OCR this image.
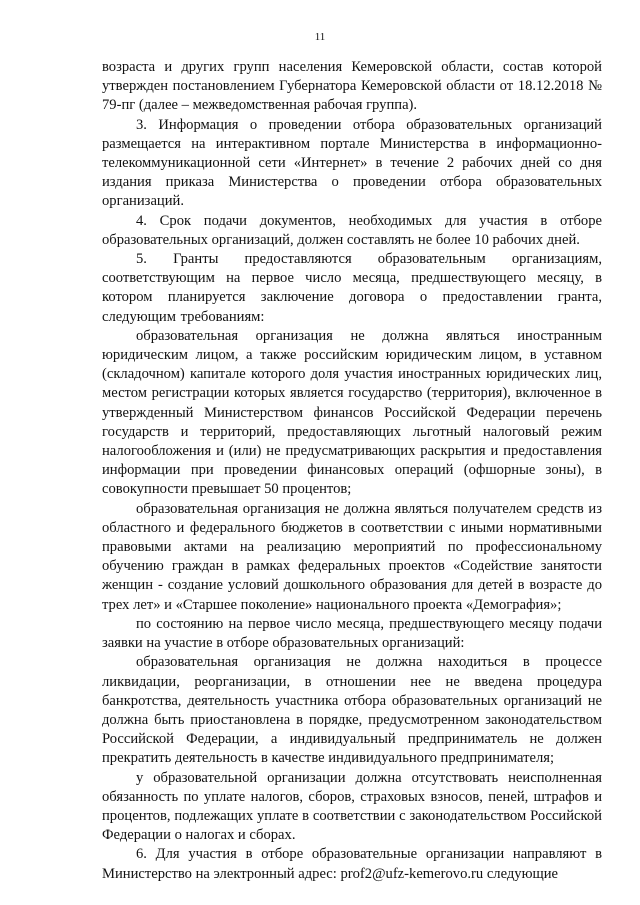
11

возраста и других групп населения Кемеровской области, состав которой утвержден постановлением Губернатора Кемеровской области от 18.12.2018 № 79-пг (далее – межведомственная рабочая группа).

3. Информация о проведении отбора образовательных организаций размещается на интерактивном портале Министерства в информационно-телекоммуникационной сети «Интернет» в течение 2 рабочих дней со дня издания приказа Министерства о проведении отбора образовательных организаций.

4. Срок подачи документов, необходимых для участия в отборе образовательных организаций, должен составлять не более 10 рабочих дней.

5. Гранты предоставляются образовательным организациям, соответствующим на первое число месяца, предшествующего месяцу, в котором планируется заключение договора о предоставлении гранта, следующим требованиям:

образовательная организация не должна являться иностранным юридическим лицом, а также российским юридическим лицом, в уставном (складочном) капитале которого доля участия иностранных юридических лиц, местом регистрации которых является государство (территория), включенное в утвержденный Министерством финансов Российской Федерации перечень государств и территорий, предоставляющих льготный налоговый режим налогообложения и (или) не предусматривающих раскрытия и предоставления информации при проведении финансовых операций (офшорные зоны), в совокупности превышает 50 процентов;

образовательная организация не должна являться получателем средств из областного и федерального бюджетов в соответствии с иными нормативными правовыми актами на реализацию мероприятий по профессиональному обучению граждан в рамках федеральных проектов «Содействие занятости женщин - создание условий дошкольного образования для детей в возрасте до трех лет» и «Старшее поколение» национального проекта «Демография»;

по состоянию на первое число месяца, предшествующего месяцу подачи заявки на участие в отборе образовательных организаций:

образовательная организация не должна находиться в процессе ликвидации, реорганизации, в отношении нее не введена процедура банкротства, деятельность участника отбора образовательных организаций не должна быть приостановлена в порядке, предусмотренном законодательством Российской Федерации, а индивидуальный предприниматель не должен прекратить деятельность в качестве индивидуального предпринимателя;

у образовательной организации должна отсутствовать неисполненная обязанность по уплате налогов, сборов, страховых взносов, пеней, штрафов и процентов, подлежащих уплате в соответствии с законодательством Российской Федерации о налогах и сборах.

6. Для участия в отборе образовательные организации направляют в Министерство на электронный адрес: prof2@ufz-kemerovo.ru следующие
